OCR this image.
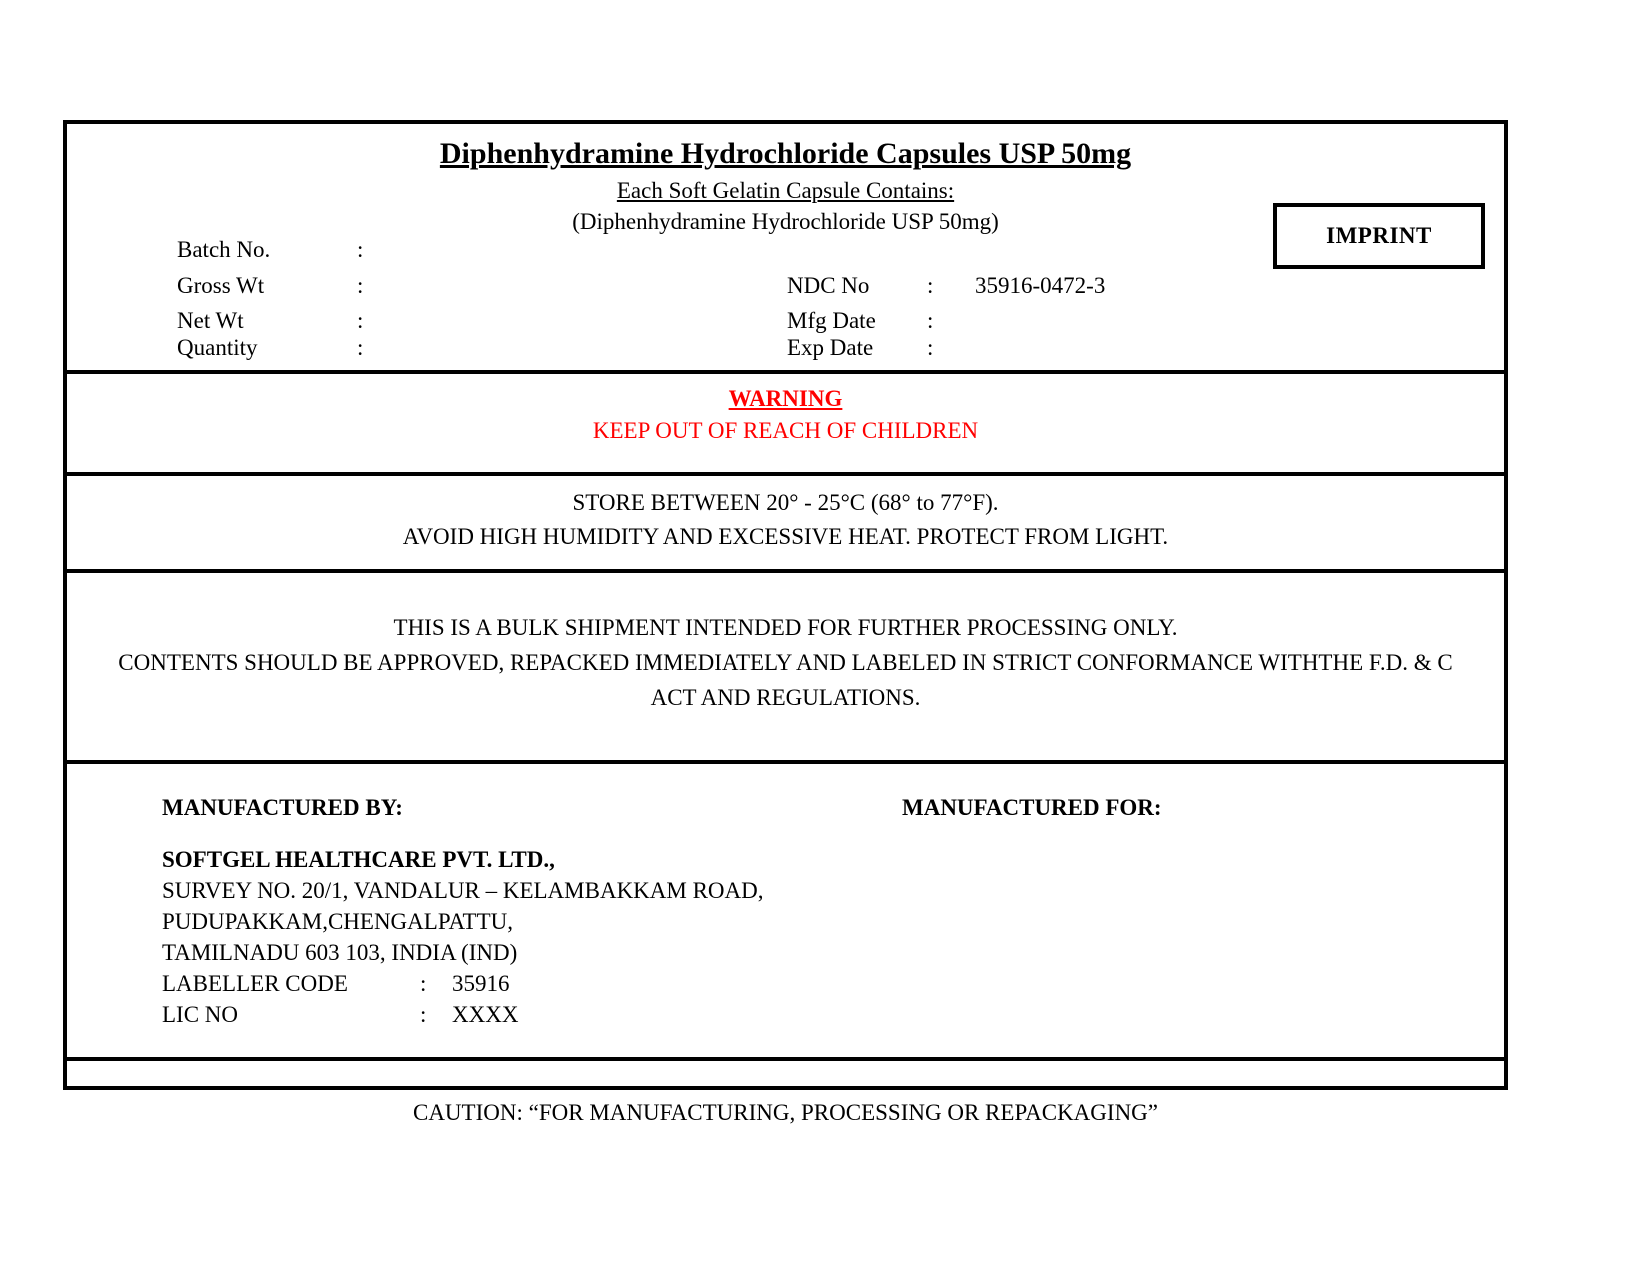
Diphenhydramine Hydrochloride Capsules USP 50mg
Each Soft Gelatin Capsule Contains:
(Diphenhydramine Hydrochloride USP 50mg)
IMPRINT
Batch No.	:
Gross Wt	:
Net Wt	:
Quantity	:
NDC No	: 35916-0472-3
Mfg Date :
Exp Date :
WARNING
KEEP OUT OF REACH OF CHILDREN
STORE BETWEEN 20° - 25°C (68° to 77°F).
AVOID HIGH HUMIDITY AND EXCESSIVE HEAT. PROTECT FROM LIGHT.
THIS IS A BULK SHIPMENT INTENDED FOR FURTHER PROCESSING ONLY.
CONTENTS SHOULD BE APPROVED, REPACKED IMMEDIATELY AND LABELED IN STRICT CONFORMANCE WITHTHE F.D. & C
ACT AND REGULATIONS.
MANUFACTURED BY:	MANUFACTURED FOR:
SOFTGEL HEALTHCARE PVT. LTD.,
SURVEY NO. 20/1, VANDALUR – KELAMBAKKAM ROAD,
PUDUPAKKAM,CHENGALPATTU,
TAMILNADU 603 103, INDIA (IND)
LABELLER CODE	: 35916
LIC NO	: XXXX
CAUTION: “FOR MANUFACTURING, PROCESSING OR REPACKAGING”
